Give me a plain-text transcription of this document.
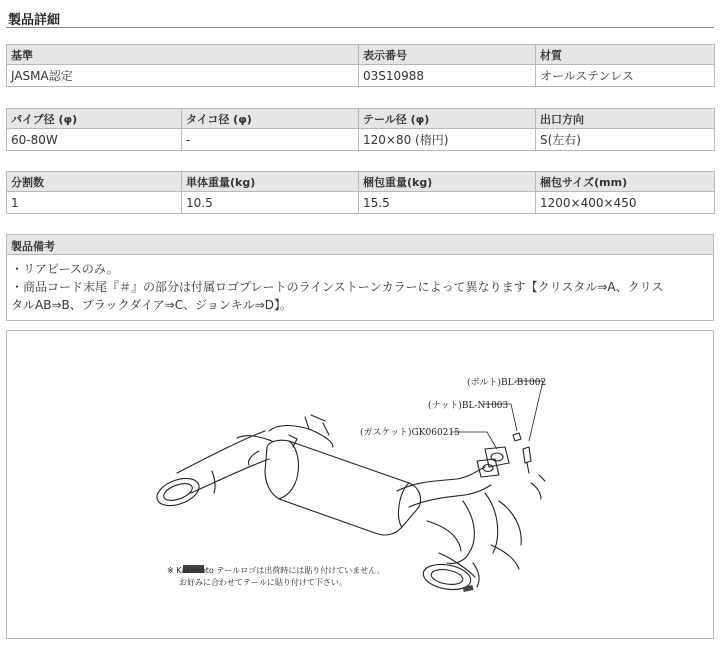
製品詳細
基準	表示番号	材質
JASMA認定	03S10988	オールステンレス
パイプ径 (φ)	タイコ径 (φ)	テール径 (φ)	出口方向
60-80W	-	120×80 (楕円)	S(左右)
分割数	単体重量(kg)	梱包重量(kg)	梱包サイズ(mm)
1	10.5	15.5	1200×400×450
製品備考
・リアピースのみ。
・商品コード末尾『＃』の部分は付属ロゴプレートのラインストーンカラーによって異なります【クリスタル⇒A、クリス
タルAB⇒B、ブラックダイア⇒C、ジョンキル⇒D】。
(ボルト)BL-B1002
(ナット)BL-N1003
(ガスケット)GK060215
※ Kakimoto テールロゴは出荷時には貼り付けていません。
お好みに合わせてテールに貼り付けて下さい。
